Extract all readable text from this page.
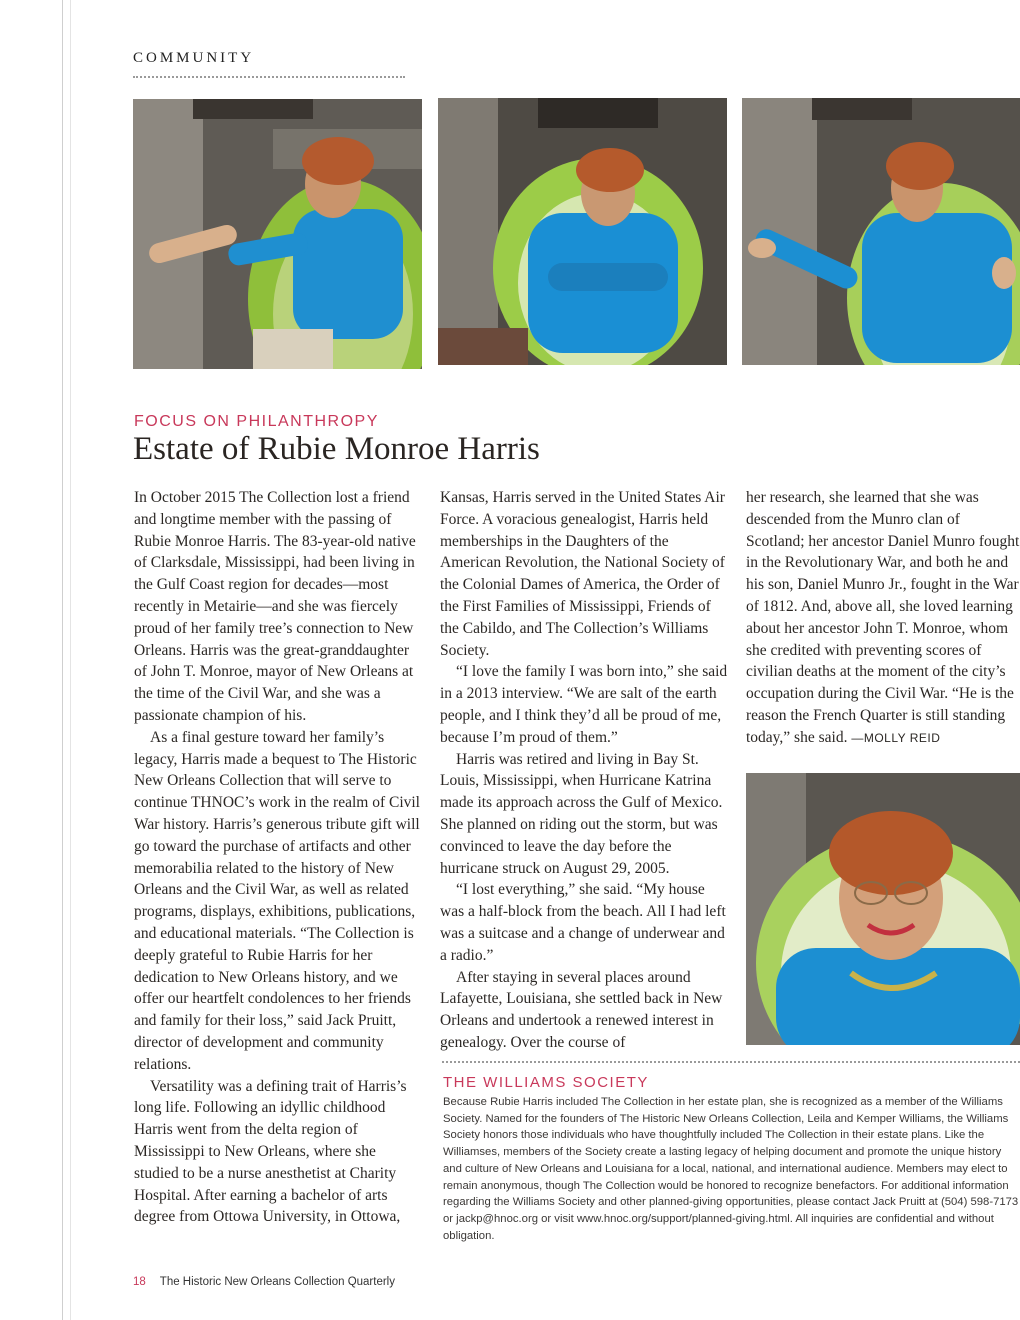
COMMUNITY
FOCUS ON PHILANTHROPY
Estate of Rubie Monroe Harris

In October 2015 The Collection lost a friend and longtime member with the passing of Rubie Monroe Harris. The 83-year-old native of Clarksdale, Mississippi, had been living in the Gulf Coast region for decades—most recently in Metairie—and she was fiercely proud of her family tree’s connection to New Orleans. Harris was the great-granddaughter of John T. Monroe, mayor of New Orleans at the time of the Civil War, and she was a passionate champion of his.

As a final gesture toward her family’s legacy, Harris made a bequest to The Historic New Orleans Collection that will serve to continue THNOC’s work in the realm of Civil War history. Harris’s generous tribute gift will go toward the purchase of artifacts and other memorabilia related to the history of New Orleans and the Civil War, as well as related programs, displays, exhibitions, publications, and educational materials. “The Collection is deeply grateful to Rubie Harris for her dedication to New Orleans history, and we offer our heartfelt condolences to her friends and family for their loss,” said Jack Pruitt, director of development and community relations.

Versatility was a defining trait of Harris’s long life. Following an idyllic childhood Harris went from the delta region of Mississippi to New Orleans, where she studied to be a nurse anesthetist at Charity Hospital. After earning a bachelor of arts degree from Ottowa University, in Ottowa,

Kansas, Harris served in the United States Air Force. A voracious genealogist, Harris held memberships in the Daughters of the American Revolution, the National Society of the Colonial Dames of America, the Order of the First Families of Mississippi, Friends of the Cabildo, and The Collection’s Williams Society.

“I love the family I was born into,” she said in a 2013 interview. “We are salt of the earth people, and I think they’d all be proud of me, because I’m proud of them.”

Harris was retired and living in Bay St. Louis, Mississippi, when Hurricane Katrina made its approach across the Gulf of Mexico. She planned on riding out the storm, but was convinced to leave the day before the hurricane struck on August 29, 2005.

“I lost everything,” she said. “My house was a half-block from the beach. All I had left was a suitcase and a change of underwear and a radio.”

After staying in several places around Lafayette, Louisiana, she settled back in New Orleans and undertook a renewed interest in genealogy. Over the course of

her research, she learned that she was descended from the Munro clan of Scotland; her ancestor Daniel Munro fought in the Revolutionary War, and both he and his son, Daniel Munro Jr., fought in the War of 1812. And, above all, she loved learning about her ancestor John T. Monroe, whom she credited with preventing scores of civilian deaths at the moment of the city’s occupation during the Civil War. “He is the reason the French Quarter is still standing today,” she said. —MOLLY REID

THE WILLIAMS SOCIETY
Because Rubie Harris included The Collection in her estate plan, she is recognized as a member of the Williams Society. Named for the founders of The Historic New Orleans Collection, Leila and Kemper Williams, the Williams Society honors those individuals who have thoughtfully included The Collection in their estate plans. Like the Williamses, members of the Society create a lasting legacy of helping document and promote the unique history and culture of New Orleans and Louisiana for a local, national, and international audience. Members may elect to remain anonymous, though The Collection would be honored to recognize benefactors. For additional information regarding the Williams Society and other planned-giving opportunities, please contact Jack Pruitt at (504) 598-7173 or jackp@hnoc.org or visit www.hnoc.org/support/planned-giving.html. All inquiries are confidential and without obligation.
18 The Historic New Orleans Collection Quarterly
